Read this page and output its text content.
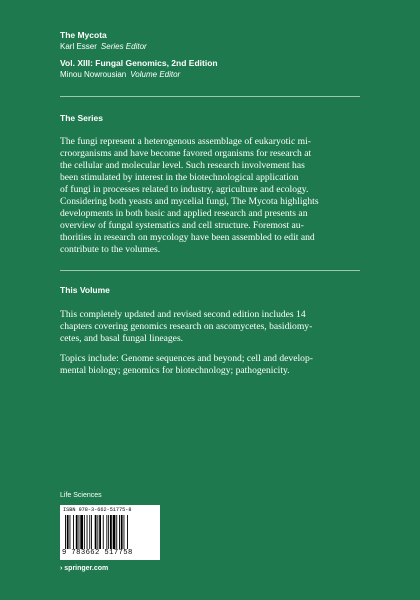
The Mycota
Karl Esser Series Editor
Vol. XIII: Fungal Genomics, 2nd Edition
Minou Nowrousian Volume Editor
The Series
The fungi represent a heterogenous assemblage of eukaryotic mi-
croorganisms and have become favored organisms for research at
the cellular and molecular level. Such research involvement has
been stimulated by interest in the biotechnological application
of fungi in processes related to industry, agriculture and ecology.
Considering both yeasts and mycelial fungi, The Mycota highlights
developments in both basic and applied research and presents an
overview of fungal systematics and cell structure. Foremost au-
thorities in research on mycology have been assembled to edit and
contribute to the volumes.
This Volume
This completely updated and revised second edition includes 14
chapters covering genomics research on ascomycetes, basidiomy-
cetes, and basal fungal lineages.
Topics include: Genome sequences and beyond; cell and develop-
mental biology; genomics for biotechnology; pathogenicity.
Life Sciences
ISBN 978-3-662-51775-8
9 783662 517758
› springer.com
